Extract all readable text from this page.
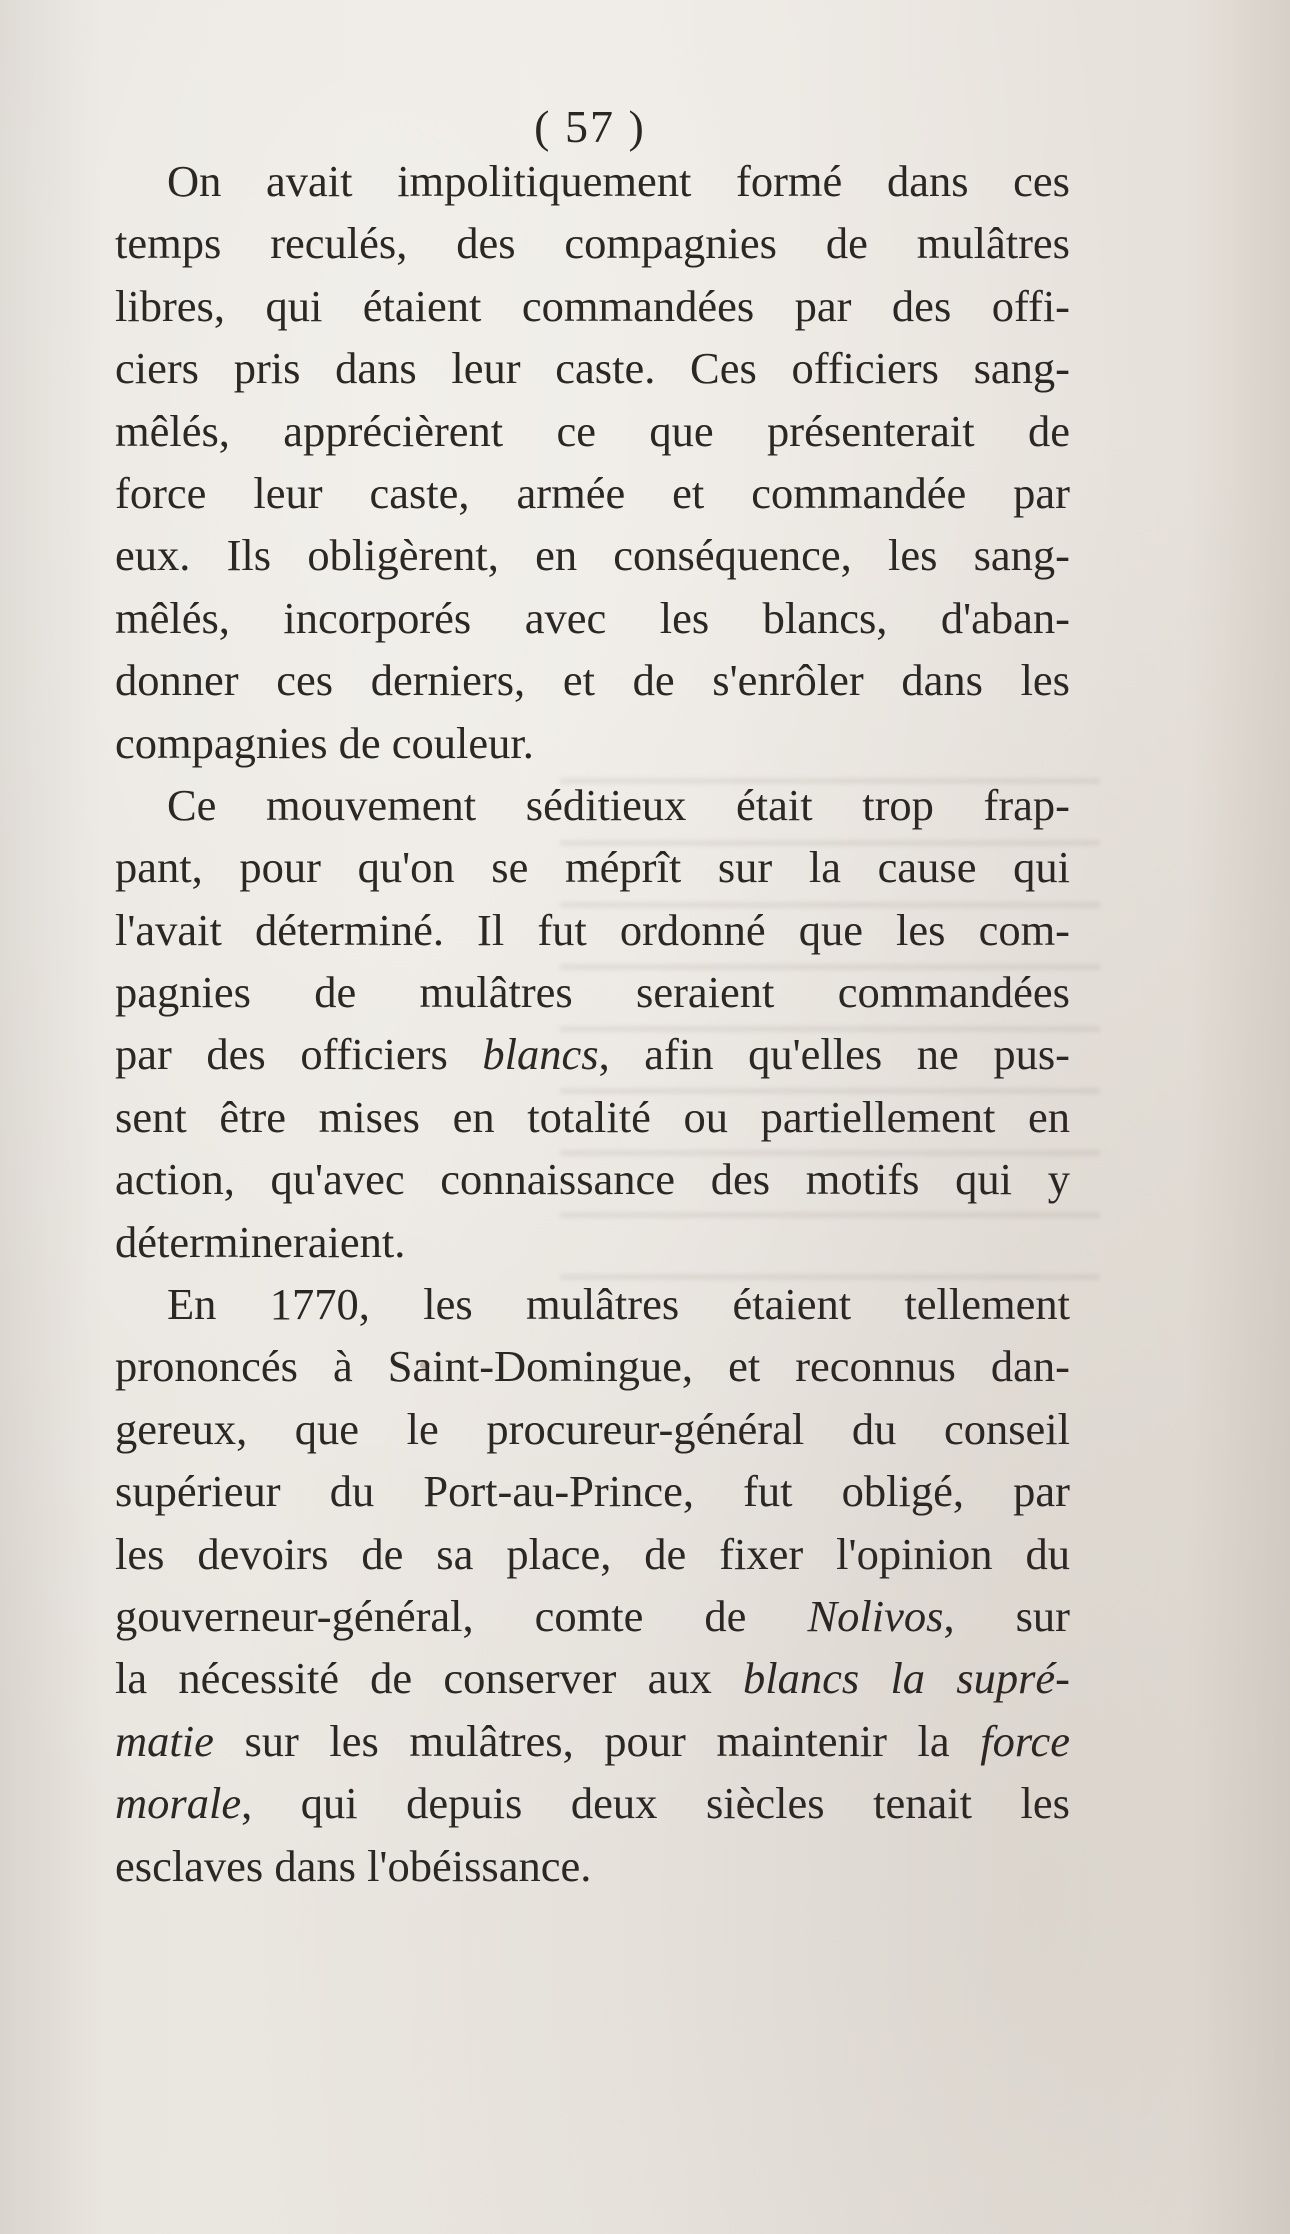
( 57 )
On avait impolitiquement formé dans ces
temps reculés, des compagnies de mulâtres
libres, qui étaient commandées par des offi-
ciers pris dans leur caste. Ces officiers sang-
mêlés, apprécièrent ce que présenterait de
force leur caste, armée et commandée par
eux. Ils obligèrent, en conséquence, les sang-
mêlés, incorporés avec les blancs, d'aban-
donner ces derniers, et de s'enrôler dans les
compagnies de couleur.
Ce mouvement séditieux était trop frap-
pant, pour qu'on se méprît sur la cause qui
l'avait déterminé. Il fut ordonné que les com-
pagnies de mulâtres seraient commandées
par des officiers blancs, afin qu'elles ne pus-
sent être mises en totalité ou partiellement en
action, qu'avec connaissance des motifs qui y
détermineraient.
En 1770, les mulâtres étaient tellement
prononcés à Saint-Domingue, et reconnus dan-
gereux, que le procureur-général du conseil
supérieur du Port-au-Prince, fut obligé, par
les devoirs de sa place, de fixer l'opinion du
gouverneur-général, comte de Nolivos, sur
la nécessité de conserver aux blancs la supré-
matie sur les mulâtres, pour maintenir la force
morale, qui depuis deux siècles tenait les
esclaves dans l'obéissance.
